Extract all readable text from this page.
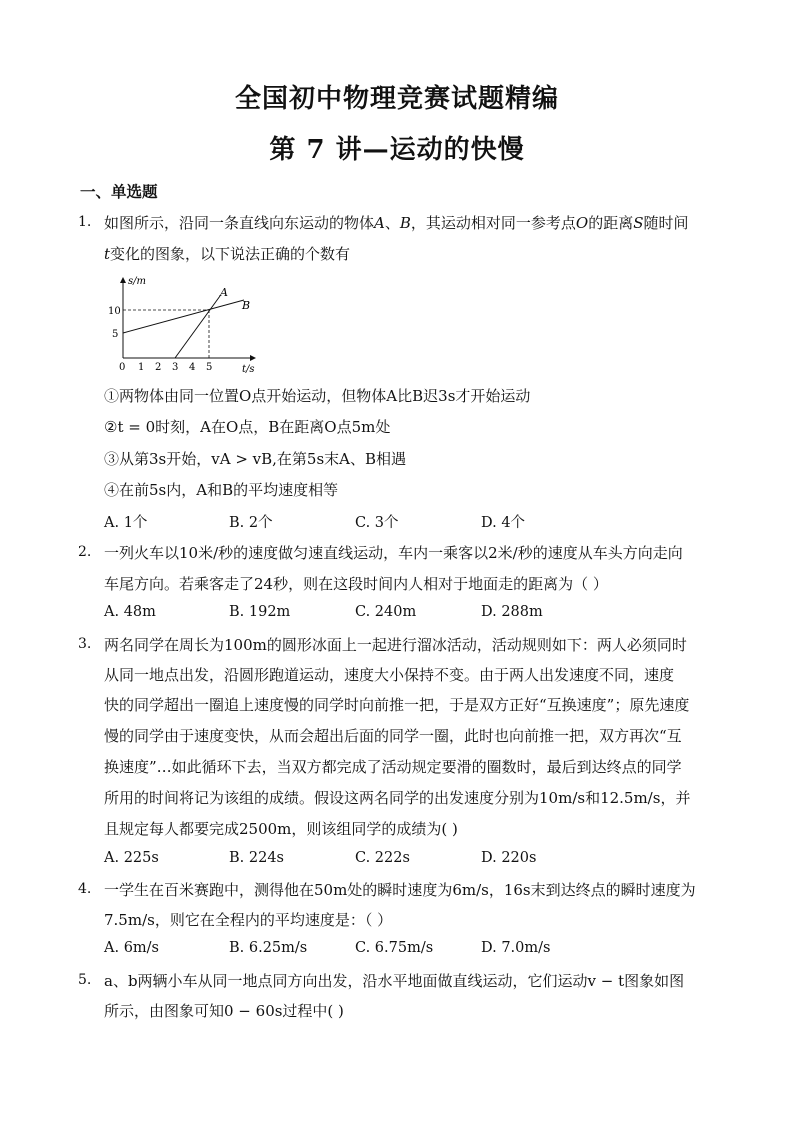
全国初中物理竞赛试题精编
第 7 讲—运动的快慢
一、单选题
1. 如图所示，沿同一条直线向东运动的物体A、B，其运动相对同一参考点O的距离S随时间
t变化的图象，以下说法正确的个数有
s/m
t/s
10
5
0 1 2 3 4 5
A
B
①两物体由同一位置O点开始运动，但物体A比B迟3s才开始运动
②t = 0时刻，A在O点，B在距离O点5m处
③从第3s开始，vA > vB,在第5s末A、B相遇
④在前5s内，A和B的平均速度相等
A. 1个	B. 2个	C. 3个	D. 4个
2. 一列火车以10米/秒的速度做匀速直线运动，车内一乘客以2米/秒的速度从车头方向走向
车尾方向。若乘客走了24秒，则在这段时间内人相对于地面走的距离为（ ）
A. 48m	B. 192m	C. 240m	D. 288m
3. 两名同学在周长为100m的圆形冰面上一起进行溜冰活动，活动规则如下：两人必须同时
从同一地点出发，沿圆形跑道运动，速度大小保持不变。由于两人出发速度不同，速度
快的同学超出一圈追上速度慢的同学时向前推一把，于是双方正好“互换速度”；原先速度
慢的同学由于速度变快，从而会超出后面的同学一圈，此时也向前推一把，双方再次“互
换速度”…如此循环下去，当双方都完成了活动规定要滑的圈数时，最后到达终点的同学
所用的时间将记为该组的成绩。假设这两名同学的出发速度分别为10m/s和12.5m/s，并
且规定每人都要完成2500m，则该组同学的成绩为( )
A. 225s	B. 224s	C. 222s	D. 220s
4. 一学生在百米赛跑中，测得他在50m处的瞬时速度为6m/s，16s末到达终点的瞬时速度为
7.5m/s，则它在全程内的平均速度是：（ ）
A. 6m/s	B. 6.25m/s	C. 6.75m/s	D. 7.0m/s
5. a、b两辆小车从同一地点同方向出发，沿水平地面做直线运动，它们运动v − t图象如图
所示，由图象可知0 − 60s过程中( )
